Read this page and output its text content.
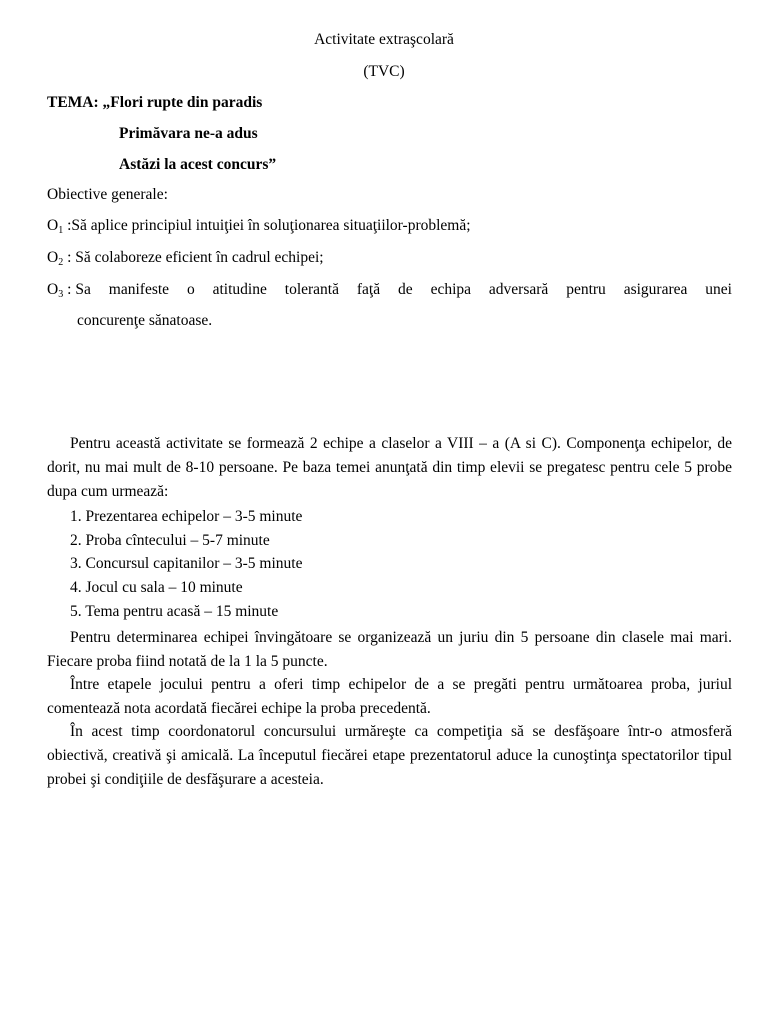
Activitate extraşcolară
(TVC)
TEMA: „Flori rupte din paradis
Primăvara ne-a adus
Astăzi la acest concurs”
Obiective generale:
$O_1$ :Să aplice principiul intuiţiei în soluţionarea situaţiilor-problemă;
$O_2$ : Să colaboreze eficient în cadrul echipei;
$O_3$ : Sa manifeste o atitudine tolerantă faţă de echipa adversară pentru asigurarea unei
concurenţe sănatoase.
Pentru această activitate se formează 2 echipe a claselor a VIII – a (A si C). Componenţa echipelor, de dorit, nu mai mult de 8-10 persoane. Pe baza temei anunţată din timp elevii se pregatesc pentru cele 5 probe dupa cum urmează:
1. Prezentarea echipelor – 3-5 minute
2. Proba cîntecului – 5-7 minute
3. Concursul capitanilor – 3-5 minute
4. Jocul cu sala – 10 minute
5. Tema pentru acasă – 15 minute
Pentru determinarea echipei învingătoare se organizează un juriu din 5 persoane din clasele mai mari. Fiecare proba fiind notată de la 1 la 5 puncte.
Între etapele jocului pentru a oferi timp echipelor de a se pregăti pentru următoarea proba, juriul comentează nota acordată fiecărei echipe la proba precedentă.
În acest timp coordonatorul concursului urmăreşte ca competiţia să se desfăşoare într-o atmosferă obiectivă, creativă şi amicală. La începutul fiecărei etape prezentatorul aduce la cunoştinţa spectatorilor tipul probei şi condiţiile de desfăşurare a acesteia.
